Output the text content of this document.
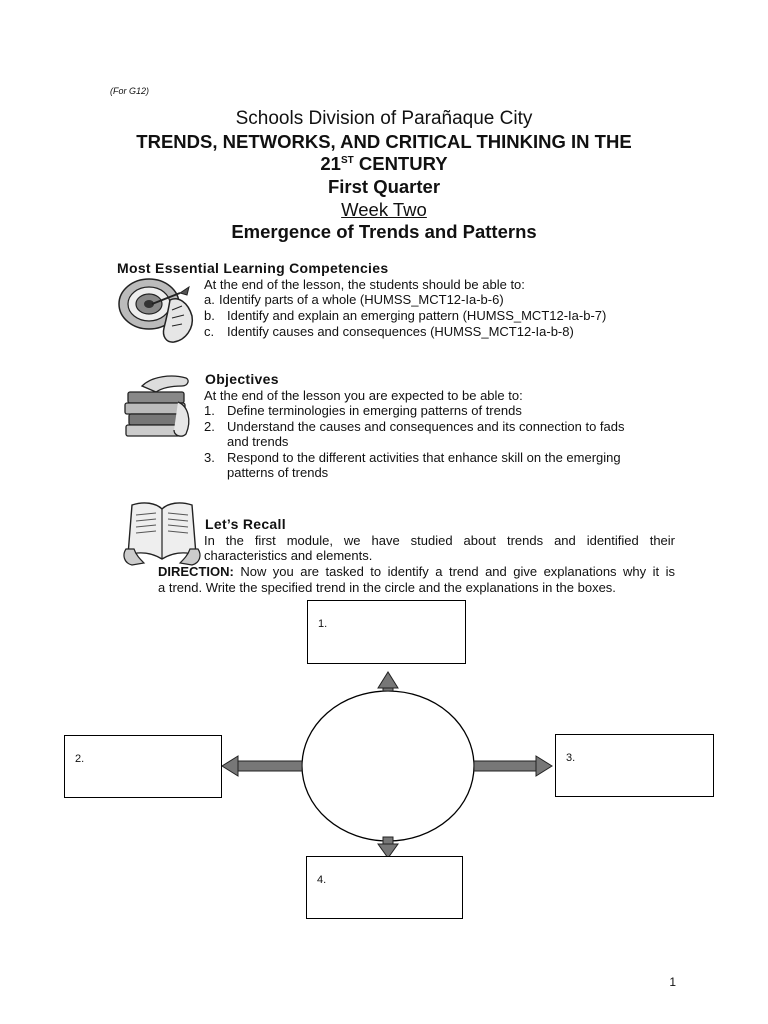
(For G12)
Schools Division of Parañaque City
TRENDS, NETWORKS, AND CRITICAL THINKING IN THE
21ST CENTURY
First Quarter
Week Two
Emergence of Trends and Patterns
Most Essential Learning Competencies
At the end of the lesson, the students should be able to:
a. Identify parts of a whole (HUMSS_MCT12-Ia-b-6)
b. Identify and explain an emerging pattern (HUMSS_MCT12-Ia-b-7)
c. Identify causes and consequences (HUMSS_MCT12-Ia-b-8)
Objectives
At the end of the lesson you are expected to be able to:
1. Define terminologies in emerging patterns of trends
2. Understand the causes and consequences and its connection to fads
and trends
3. Respond to the different activities that enhance skill on the emerging
patterns of trends
Let’s Recall
In the first module, we have studied about trends and identified their
characteristics and elements.
DIRECTION: Now you are tasked to identify a trend and give explanations why it is
a trend. Write the specified trend in the circle and the explanations in the boxes.
1.
2.	3.
4.
1
